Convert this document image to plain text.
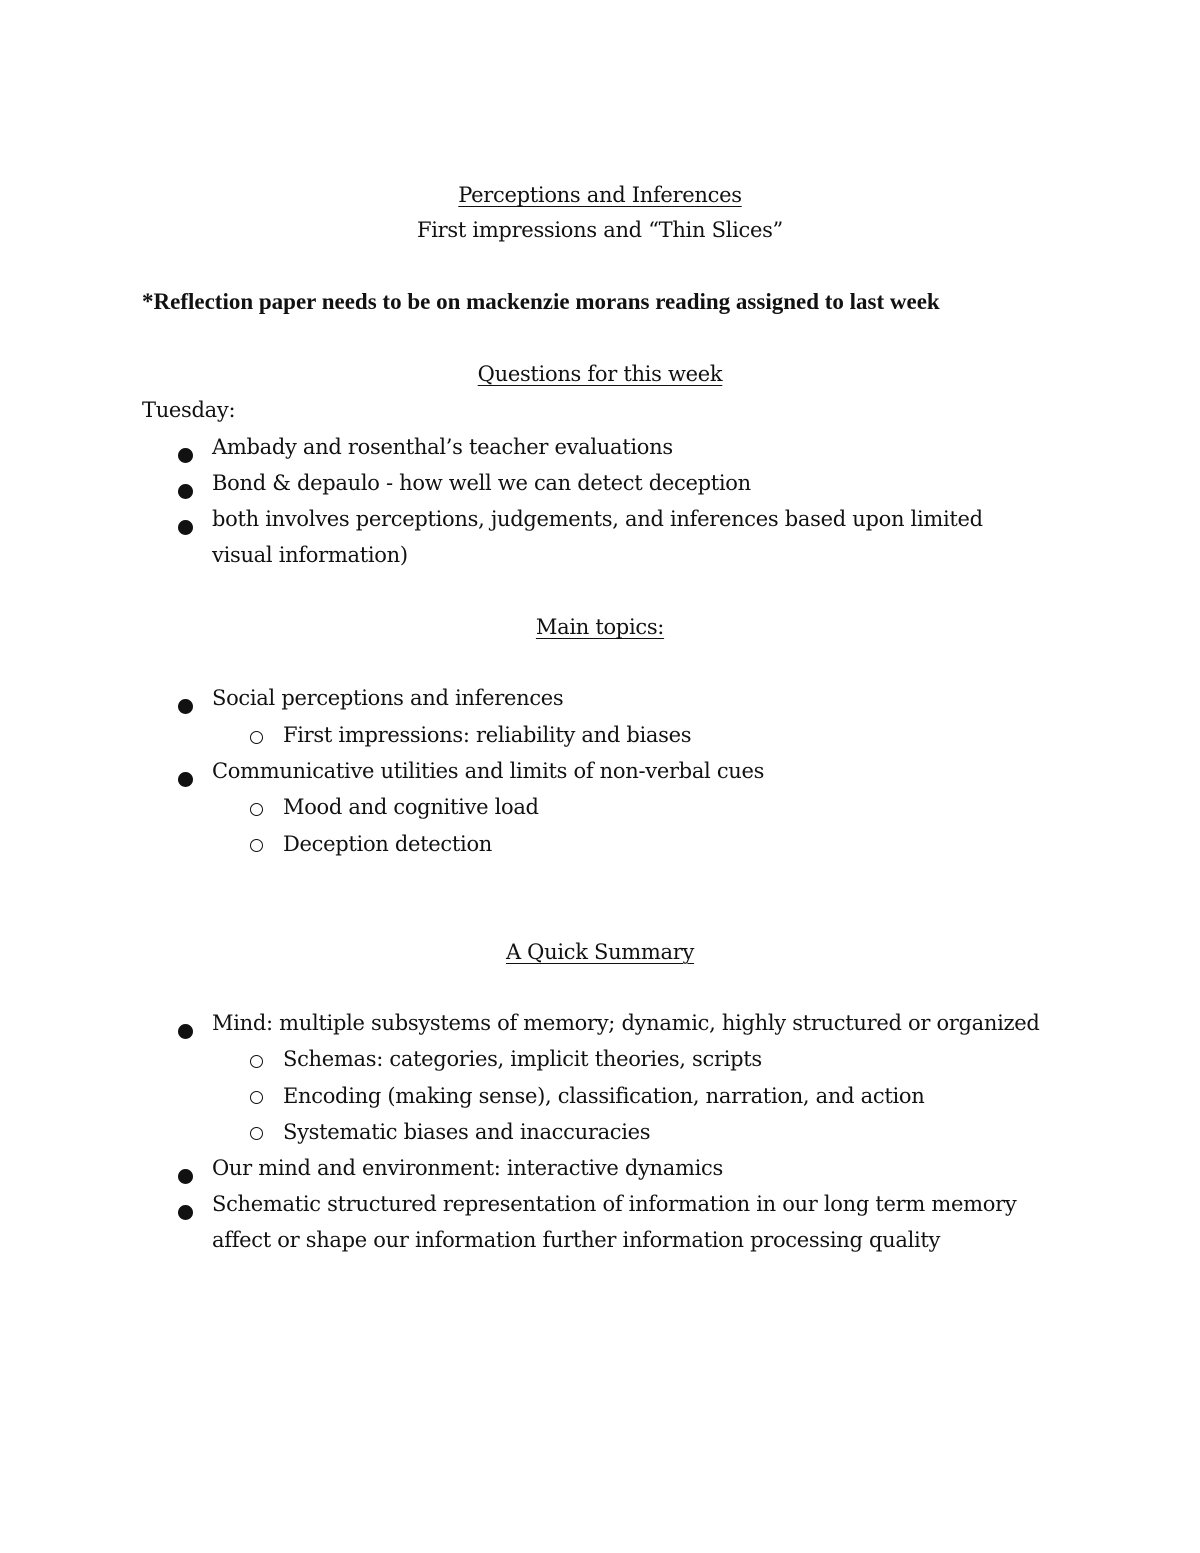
Perceptions and Inferences
First impressions and “Thin Slices”
*Reflection paper needs to be on mackenzie morans reading assigned to last week
Questions for this week
Tuesday:
Ambady and rosenthal’s teacher evaluations
Bond & depaulo - how well we can detect deception
both involves perceptions, judgements, and inferences based upon limited
visual information)
Main topics:
Social perceptions and inferences
First impressions: reliability and biases
Communicative utilities and limits of non-verbal cues
Mood and cognitive load
Deception detection
A Quick Summary
Mind: multiple subsystems of memory; dynamic, highly structured or organized
Schemas: categories, implicit theories, scripts
Encoding (making sense), classification, narration, and action
Systematic biases and inaccuracies
Our mind and environment: interactive dynamics
Schematic structured representation of information in our long term memory
affect or shape our information further information processing quality
